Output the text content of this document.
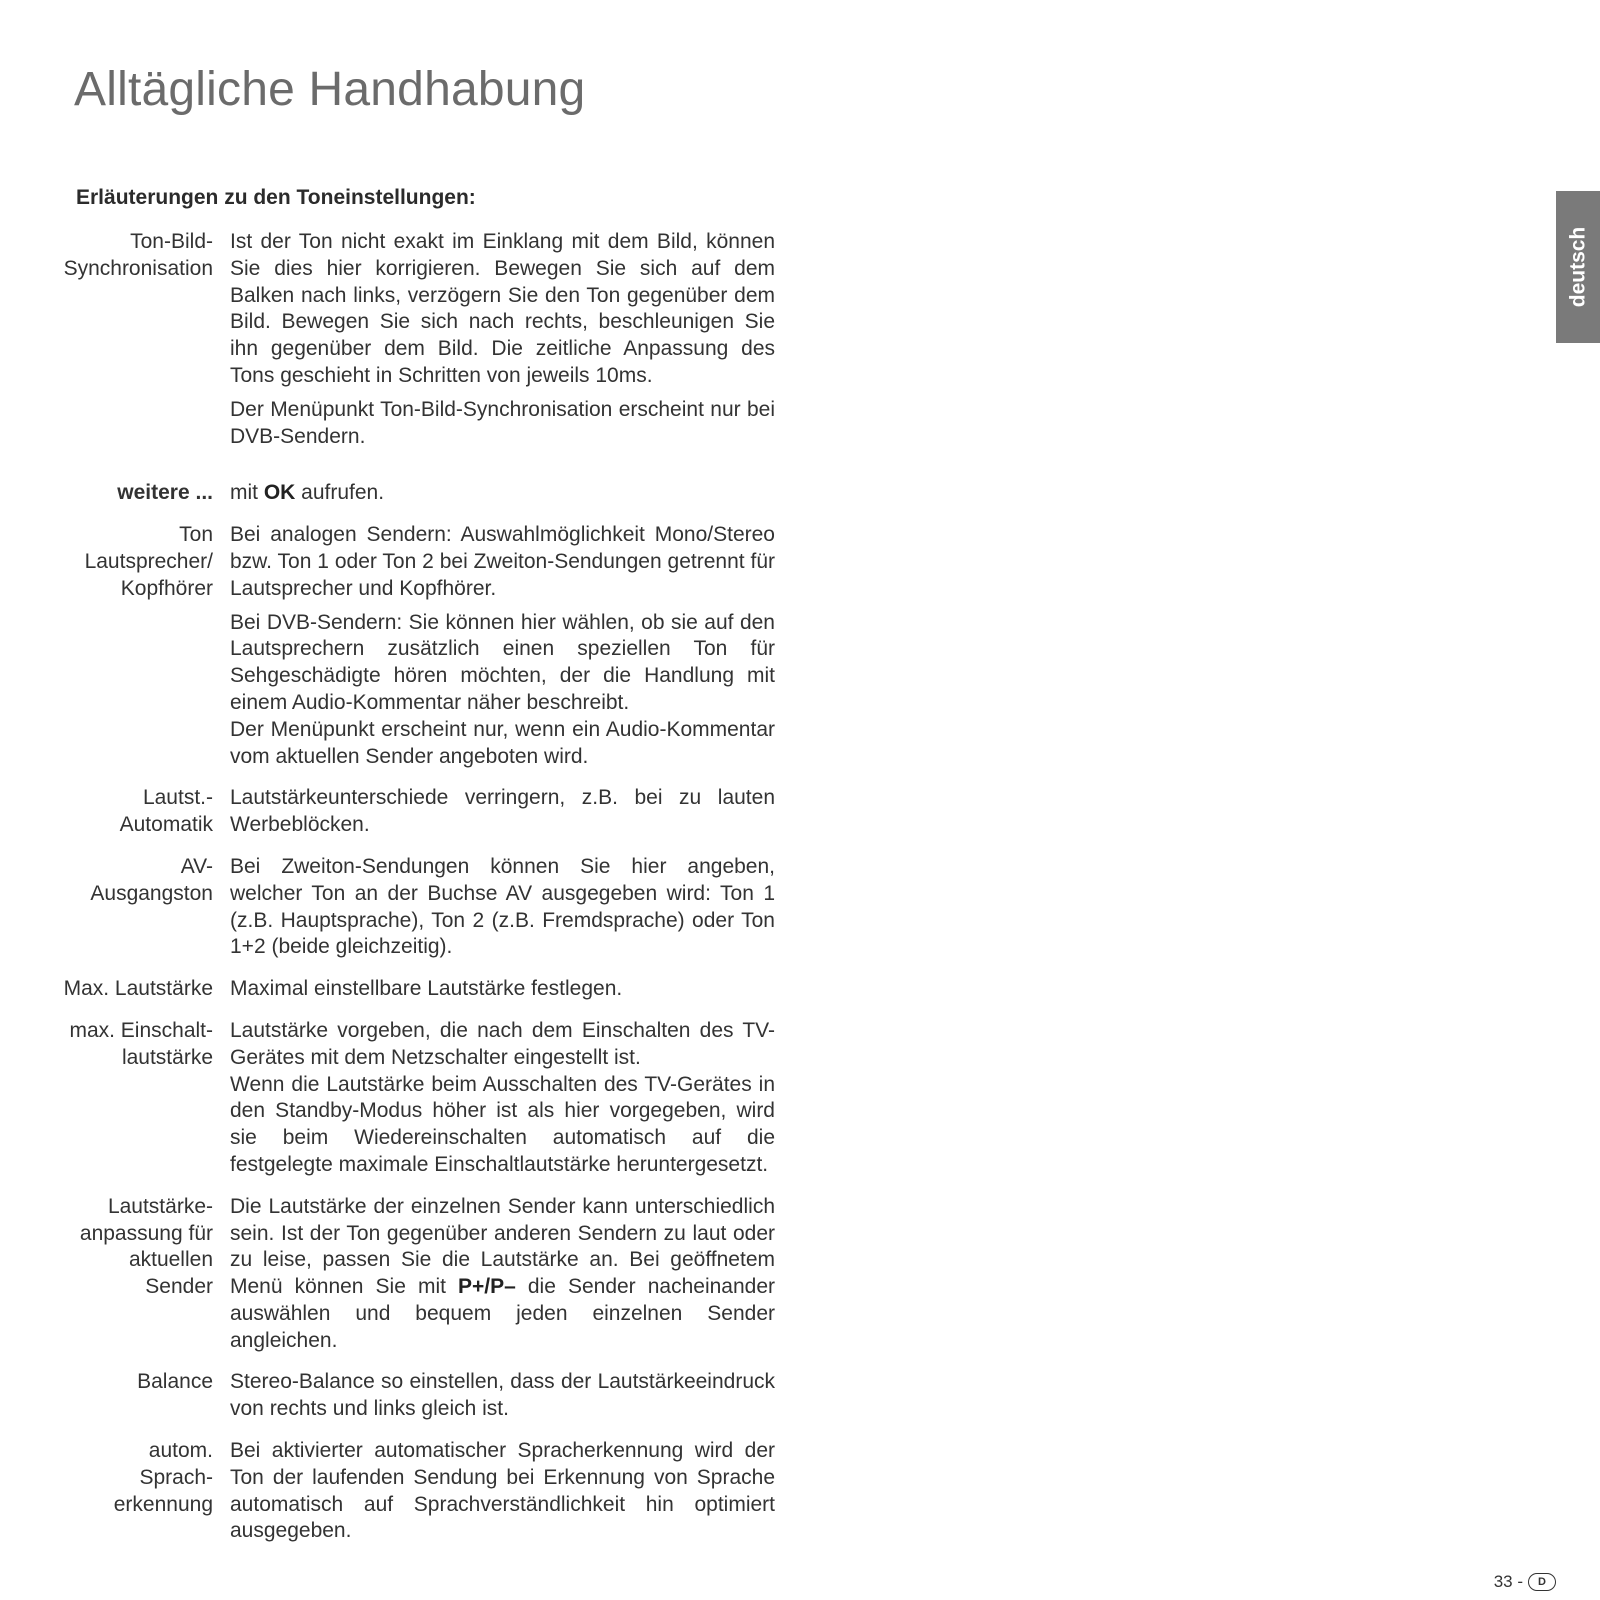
Alltägliche Handhabung
Erläuterungen zu den Toneinstellungen:
Ton-Bild-
Synchronisation

Ist der Ton nicht exakt im Einklang mit dem Bild, können Sie dies hier korrigieren. Bewegen Sie sich auf dem Balken nach links, verzögern Sie den Ton gegenüber dem Bild. Bewegen Sie sich nach rechts, beschleunigen Sie ihn gegenüber dem Bild. Die zeitliche Anpassung des Tons geschieht in Schritten von jeweils 10ms.

Der Menüpunkt Ton-Bild-Synchronisation erscheint nur bei DVB-Sendern.

weitere ... mit OK aufrufen.

Ton
Lautsprecher/
Kopfhörer

Bei analogen Sendern: Auswahlmöglichkeit Mono/Stereo bzw. Ton 1 oder Ton 2 bei Zweiton-Sendungen getrennt für Lautsprecher und Kopfhörer.

Bei DVB-Sendern: Sie können hier wählen, ob sie auf den Lautsprechern zusätzlich einen speziellen Ton für Sehgeschädigte hören möchten, der die Handlung mit einem Audio-Kommentar näher beschreibt.

Der Menüpunkt erscheint nur, wenn ein Audio-Kommentar vom aktuellen Sender angeboten wird.

Lautst.-
Automatik

Lautstärkeunterschiede verringern, z.B. bei zu lauten Werbeblöcken.

AV-
Ausgangston

Bei Zweiton-Sendungen können Sie hier angeben, welcher Ton an der Buchse AV ausgegeben wird: Ton 1 (z.B. Hauptsprache), Ton 2 (z.B. Fremdsprache) oder Ton 1+2 (beide gleichzeitig).

Max. Lautstärke Maximal einstellbare Lautstärke festlegen.

max. Einschalt-
lautstärke

Lautstärke vorgeben, die nach dem Einschalten des TV-Gerätes mit dem Netzschalter eingestellt ist.

Wenn die Lautstärke beim Ausschalten des TV-Gerätes in den Standby-Modus höher ist als hier vorgegeben, wird sie beim Wiedereinschalten automatisch auf die festgelegte maximale Einschaltlautstärke heruntergesetzt.

Lautstärke-
anpassung für
aktuellen
Sender

Die Lautstärke der einzelnen Sender kann unterschiedlich sein. Ist der Ton gegenüber anderen Sendern zu laut oder zu leise, passen Sie die Lautstärke an. Bei geöffnetem Menü können Sie mit P+/P– die Sender nacheinander auswählen und bequem jeden einzelnen Sender angleichen.

Balance Stereo-Balance so einstellen, dass der Lautstärkeeindruck von rechts und links gleich ist.

autom.
Sprach-
erkennung

Bei aktivierter automatischer Spracherkennung wird der Ton der laufenden Sendung bei Erkennung von Sprache automatisch auf Sprachverständlichkeit hin optimiert ausgegeben.

deutsch
33 -	D
